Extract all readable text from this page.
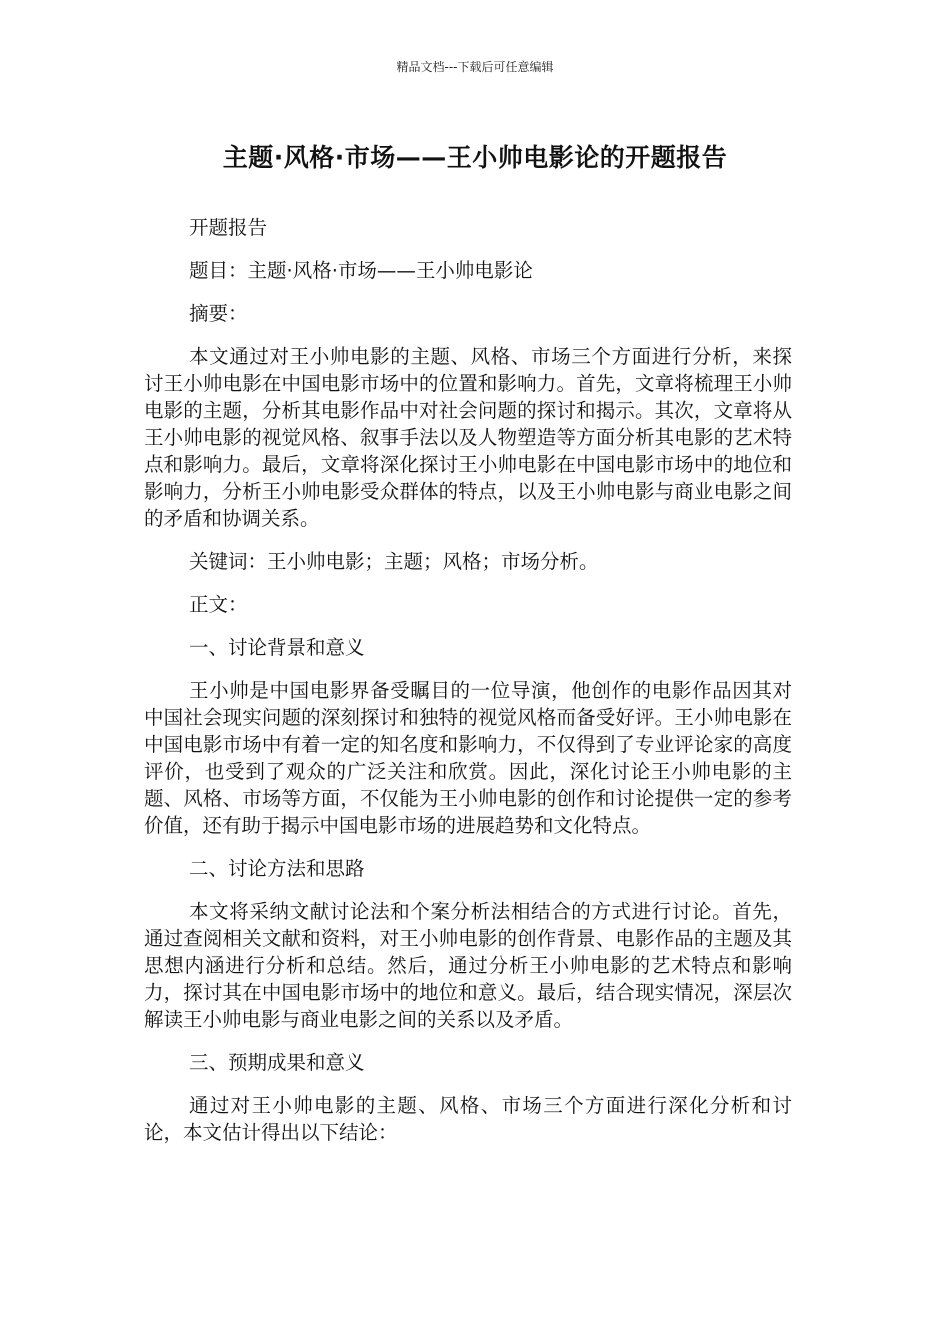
精品文档---下载后可任意编辑
主题·风格·市场——王小帅电影论的开题报告

开题报告

题目：主题·风格·市场——王小帅电影论

摘要：

本文通过对王小帅电影的主题、风格、市场三个方面进行分析，来探讨王小帅电影在中国电影市场中的位置和影响力。首先，文章将梳理王小帅电影的主题，分析其电影作品中对社会问题的探讨和揭示。其次，文章将从王小帅电影的视觉风格、叙事手法以及人物塑造等方面分析其电影的艺术特点和影响力。最后，文章将深化探讨王小帅电影在中国电影市场中的地位和影响力，分析王小帅电影受众群体的特点，以及王小帅电影与商业电影之间的矛盾和协调关系。

关键词：王小帅电影；主题；风格；市场分析。

正文：

一、讨论背景和意义

王小帅是中国电影界备受瞩目的一位导演，他创作的电影作品因其对中国社会现实问题的深刻探讨和独特的视觉风格而备受好评。王小帅电影在中国电影市场中有着一定的知名度和影响力，不仅得到了专业评论家的高度评价，也受到了观众的广泛关注和欣赏。因此，深化讨论王小帅电影的主题、风格、市场等方面，不仅能为王小帅电影的创作和讨论提供一定的参考价值，还有助于揭示中国电影市场的进展趋势和文化特点。

二、讨论方法和思路

本文将采纳文献讨论法和个案分析法相结合的方式进行讨论。首先，通过查阅相关文献和资料，对王小帅电影的创作背景、电影作品的主题及其思想内涵进行分析和总结。然后，通过分析王小帅电影的艺术特点和影响力，探讨其在中国电影市场中的地位和意义。最后，结合现实情况，深层次解读王小帅电影与商业电影之间的关系以及矛盾。

三、预期成果和意义

通过对王小帅电影的主题、风格、市场三个方面进行深化分析和讨论，本文估计得出以下结论：
